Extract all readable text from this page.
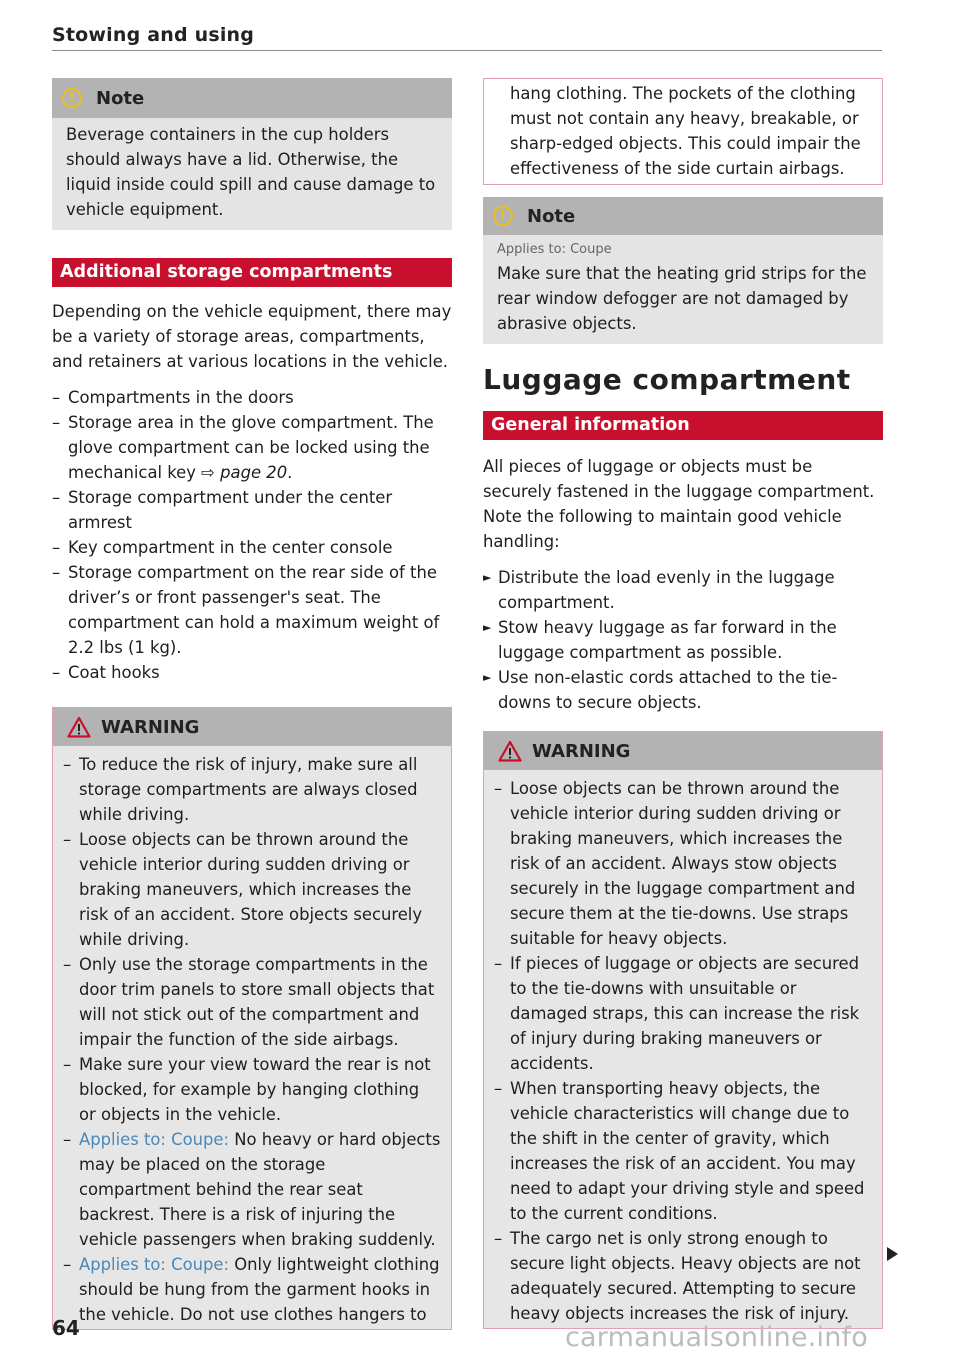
Stowing and using
!	Note

Beverage containers in the cup holders should always have a lid. Otherwise, the liquid inside could spill and cause damage to vehicle equipment.

Additional storage compartments

Depending on the vehicle equipment, there may be a variety of storage areas, compartments, and retainers at various locations in the vehicle.

– Compartments in the doors
– Storage area in the glove compartment. The glove compartment can be locked using the mechanical key ⇨ page 20.
– Storage compartment under the center armrest
– Key compartment in the center console
– Storage compartment on the rear side of the driver’s or front passenger's seat. The compartment can hold a maximum weight of 2.2 lbs (1 kg).
– Coat hooks
WARNING
– To reduce the risk of injury, make sure all storage compartments are always closed while driving.
– Loose objects can be thrown around the vehicle interior during sudden driving or braking maneuvers, which increases the risk of an accident. Store objects securely while driving.
– Only use the storage compartments in the door trim panels to store small objects that will not stick out of the compartment and impair the function of the side airbags.
– Make sure your view toward the rear is not blocked, for example by hanging clothing or objects in the vehicle.
– Applies to: Coupe: No heavy or hard objects may be placed on the storage compartment behind the rear seat backrest. There is a risk of injuring the vehicle passengers when braking suddenly.
– Applies to: Coupe: Only lightweight clothing should be hung from the garment hooks in the vehicle. Do not use clothes hangers to

hang clothing. The pockets of the clothing must not contain any heavy, breakable, or sharp-edged objects. This could impair the effectiveness of the side curtain airbags.

!	Note
Applies to: Coupe

Make sure that the heating grid strips for the rear window defogger are not damaged by abrasive objects.

Luggage compartment
General information

All pieces of luggage or objects must be securely fastened in the luggage compartment. Note the following to maintain good vehicle handling:

► Distribute the load evenly in the luggage compartment.
► Stow heavy luggage as far forward in the luggage compartment as possible.
► Use non-elastic cords attached to the tie-downs to secure objects.
WARNING
– Loose objects can be thrown around the vehicle interior during sudden driving or braking maneuvers, which increases the risk of an accident. Always stow objects securely in the luggage compartment and secure them at the tie-downs. Use straps suitable for heavy objects.
– If pieces of luggage or objects are secured to the tie-downs with unsuitable or damaged straps, this can increase the risk of injury during braking maneuvers or accidents.
– When transporting heavy objects, the vehicle characteristics will change due to the shift in the center of gravity, which increases the risk of an accident. You may need to adapt your driving style and speed to the current conditions.
– The cargo net is only strong enough to secure light objects. Heavy objects are not adequately secured. Attempting to secure heavy objects increases the risk of injury.
64	carmanualsonline.info
